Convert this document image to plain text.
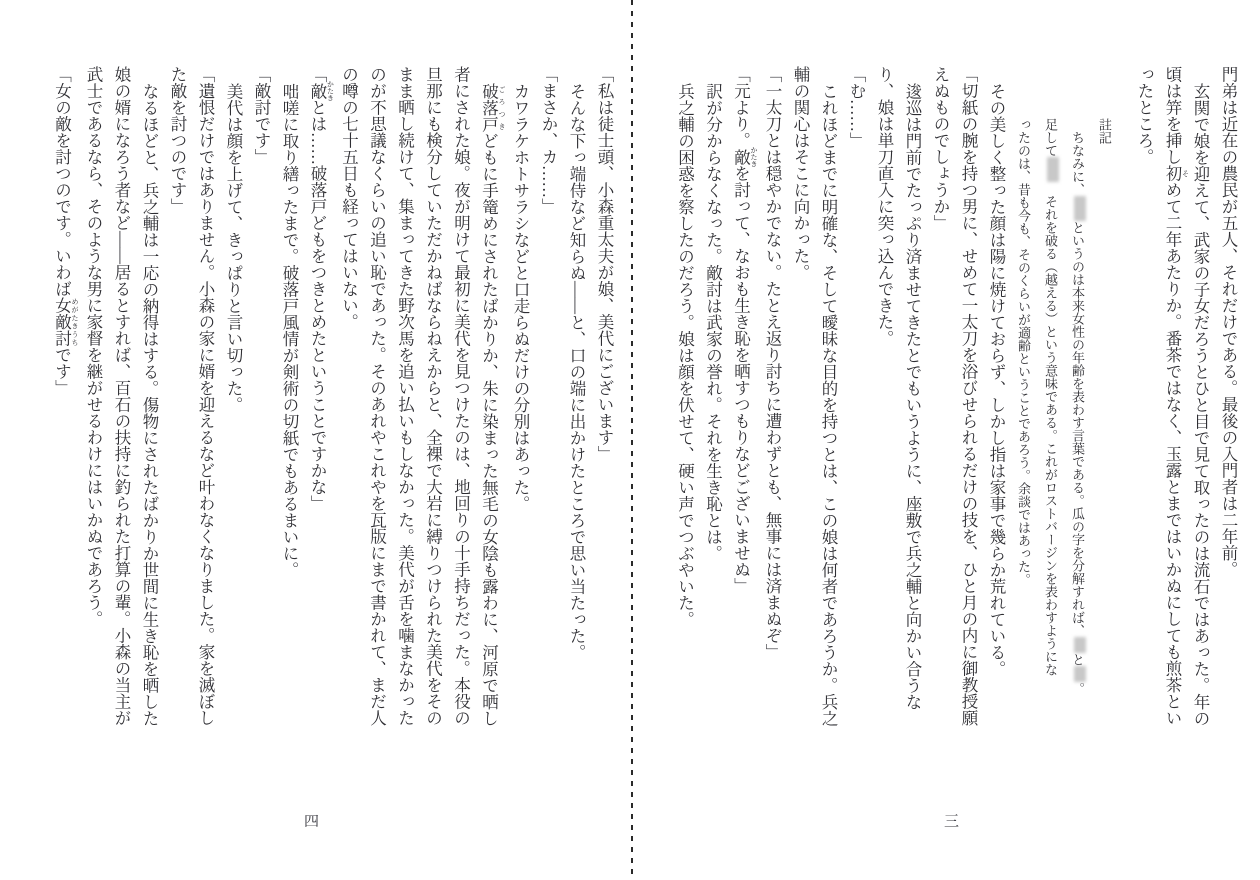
門弟は近在の農民が五人、それだけである。最後の入門者は二年前。

玄関で娘を迎えて、武家の子女だろうとひと目で見て取ったのは流石ではあった。年の頃は笄を挿し初 そめて二年あたりか。番茶ではなく、玉露とまではいかぬにしても煎茶といったところ。

註記

ちなみに、というのは本来女性の年齢を表わす言葉である。瓜の字を分解すれば、と。

足して　それを破る（越える）という意味である。これがロストバージンを表わすようにな

ったのは、昔も今も、そのくらいが適齢ということであろう。余談ではあった。

その美しく整った顔は陽に焼けておらず、しかし指は家事で幾らか荒れている。

「切紙の腕を持つ男に、せめて一太刀を浴びせられるだけの技を、ひと月の内に御教授願えぬものでしょうか」

逡巡は門前でたっぷり済ませてきたとでもいうように、座敷で兵之輔と向かい合うなり、娘は単刀直入に突っ込んできた。

「む……」

これほどまでに明確な、そして曖昧な目的を持つとは、この娘は何者であろうか。兵之輔の関心はそこに向かった。

「一太刀とは穏やかでない。たとえ返り討ちに遭わずとも、無事には済まぬぞ」

「元より。敵 かたきを討って、なおも生き恥を晒すつもりなどございませぬ」

訳が分からなくなった。敵討は武家の誉れ。それを生き恥とは。

兵之輔の困惑を察したのだろう。娘は顔を伏せて、硬い声でつぶやいた。

「私は徒士頭、小森重太夫が娘、美代にございます」

そんな下っ端侍など知らぬ――と、口の端に出かけたところで思い当たった。

「まさか、カ……」

カワラケホトサラシなどと口走らぬだけの分別はあった。

破落戸 ごろつきどもに手篭めにされたばかりか、朱に染まった無毛の女陰も露わに、河原で晒し者にされた娘。夜が明けて最初に美代を見つけたのは、地回りの十手持ちだった。本役の旦那にも検分していただかねばならねえからと、全裸で大岩に縛りつけられた美代をそのまま晒し続けて、集まってきた野次馬を追い払いもしなかった。美代が舌を噛まなかったのが不思議なくらいの追い恥であった。そのあれやこれやを瓦版にまで書かれて、まだ人の噂の七十五日も経ってはいない。

「敵 かたきとは……破落戸どもをつきとめたということですかな」

咄嗟に取り繕ったまで。破落戸風情が剣術の切紙でもあるまいに。

「敵討です」

美代は顔を上げて、きっぱりと言い切った。

「遺恨だけではありません。小森の家に婿を迎えるなど叶わなくなりました。家を滅ぼした敵を討つのです」

なるほどと、兵之輔は一応の納得はする。傷物にされたばかりか世間に生き恥を晒した娘の婿になろう者など――居るとすれば、百石の扶持に釣られた打算の輩。小森の当主が武士であるなら、そのような男に家督を継がせるわけにはいかぬであろう。

「女の敵を討つのです。いわば女敵討 めがたきうちです」

三
四
